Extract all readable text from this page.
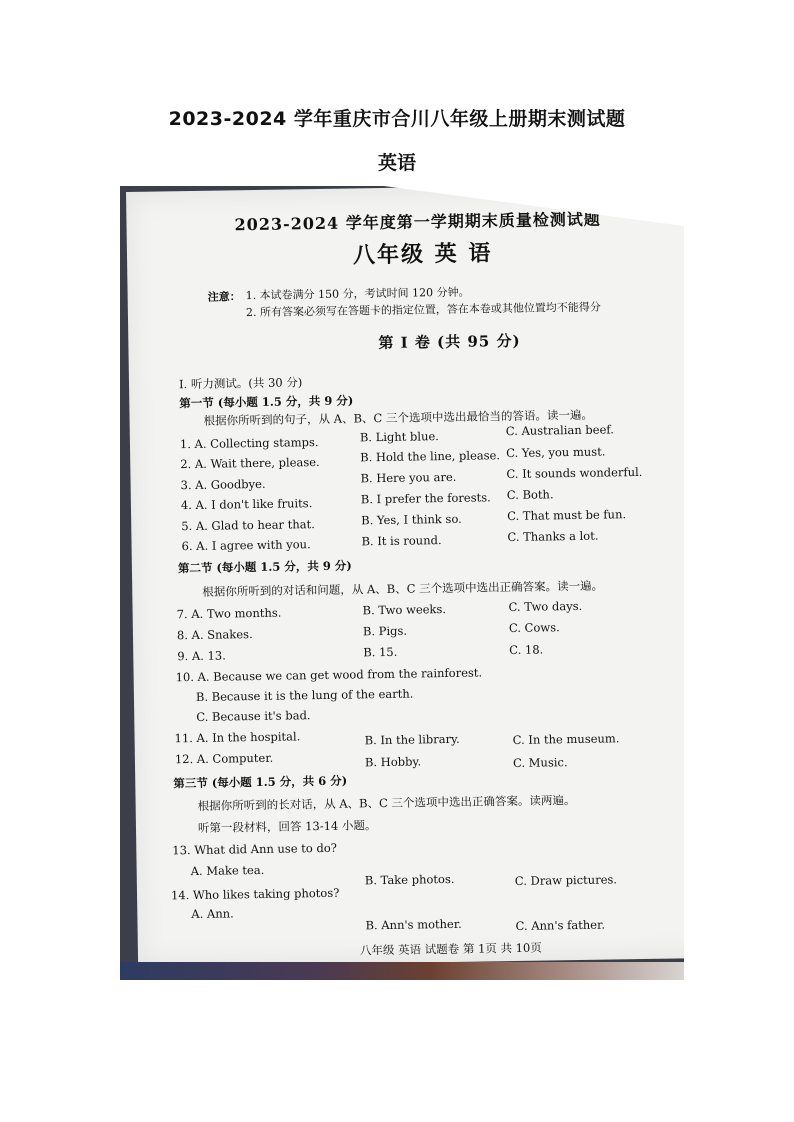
2023-2024 学年重庆市合川八年级上册期末测试题
英语
2023-2024 学年度第一学期期末质量检测试题
八年级 英 语
注意： 1. 本试卷满分 150 分，考试时间 120 分钟。
2. 所有答案必须写在答题卡的指定位置，答在本卷或其他位置均不能得分
第 I 卷 (共 95 分)
I. 听力测试。(共 30 分)
第一节 (每小题 1.5 分，共 9 分)
根据你所听到的句子，从 A、B、C 三个选项中选出最恰当的答语。读一遍。
1. A. Collecting stamps.	B. Light blue.	C. Australian beef.
2. A. Wait there, please.	B. Hold the line, please. C. Yes, you must.
3. A. Goodbye.	B. Here you are.	C. It sounds wonderful.
4. A. I don't like fruits.	B. I prefer the forests. C. Both.
5. A. Glad to hear that.	B. Yes, I think so.	C. That must be fun.
6. A. I agree with you.	B. It is round.	C. Thanks a lot.
第二节 (每小题 1.5 分，共 9 分)
根据你所听到的对话和问题，从 A、B、C 三个选项中选出正确答案。读一遍。
7. A. Two months.	B. Two weeks.	C. Two days.
8. A. Snakes.	B. Pigs.	C. Cows.
9. A. 13.	B. 15.	C. 18.
10. A. Because we can get wood from the rainforest.
B. Because it is the lung of the earth.
C. Because it's bad.
11. A. In the hospital.	B. In the library.	C. In the museum.
12. A. Computer.	B. Hobby.	C. Music.
第三节 (每小题 1.5 分，共 6 分)
根据你所听到的长对话，从 A、B、C 三个选项中选出正确答案。读两遍。
听第一段材料，回答 13-14 小题。
13. What did Ann use to do?
A. Make tea.
B. Take photos.	C. Draw pictures.
14. Who likes taking photos?
A. Ann.
B. Ann's mother.	C. Ann's father.
八年级 英语 试题卷 第 1页 共 10页
